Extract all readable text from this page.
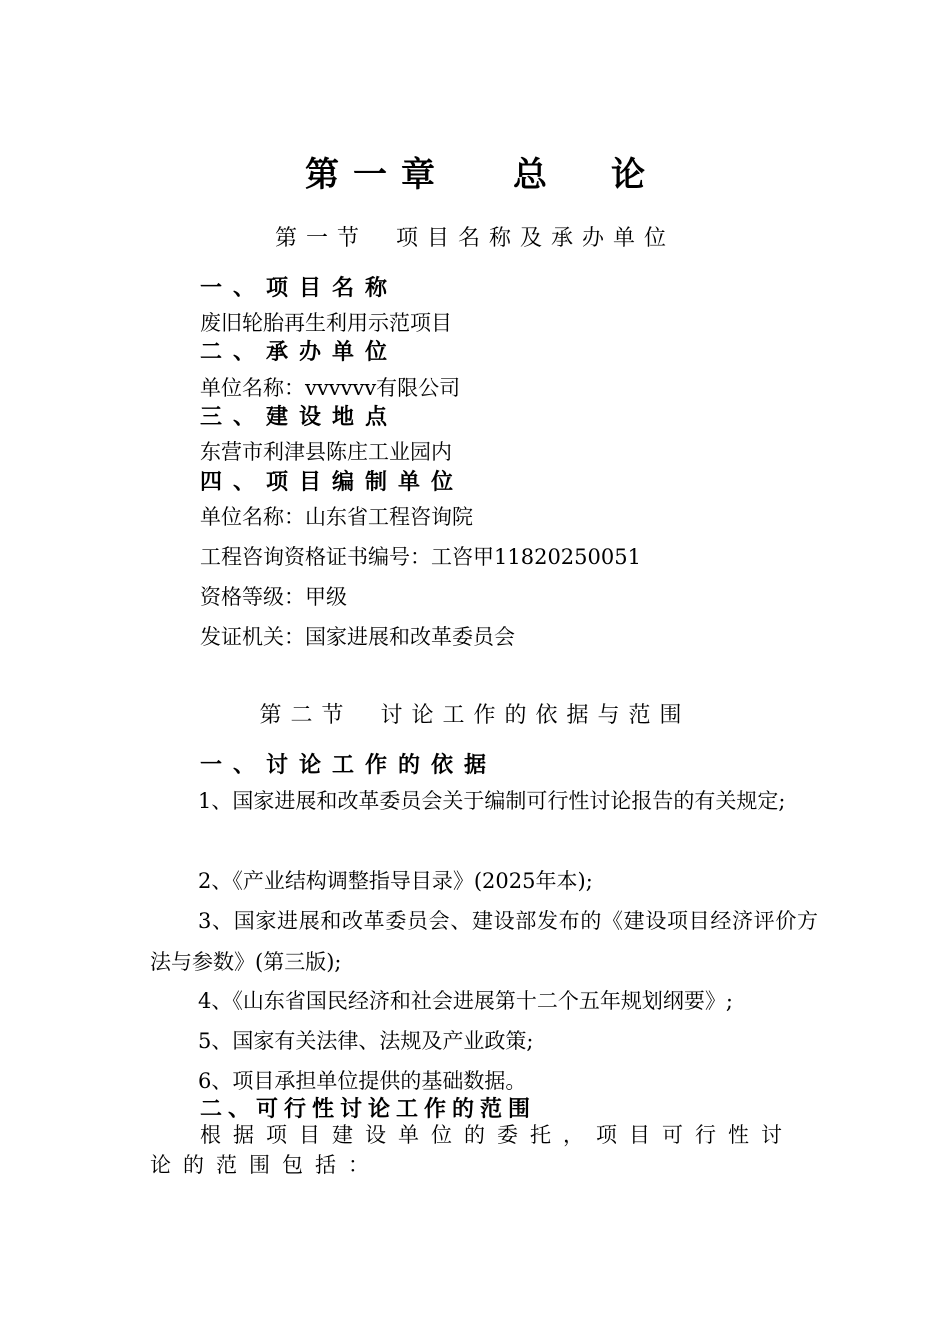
第一章 总 论
第一节 项目名称及承办单位
一、项目名称
废旧轮胎再生利用示范项目
二、承办单位
单位名称：vvvvvv有限公司
三、建设地点
东营市利津县陈庄工业园内
四、项目编制单位
单位名称：山东省工程咨询院
工程咨询资格证书编号：工咨甲11820250051
资格等级：甲级
发证机关：国家进展和改革委员会
第二节 讨论工作的依据与范围
一、讨论工作的依据
1、国家进展和改革委员会关于编制可行性讨论报告的有关规定;
2、《产业结构调整指导目录》(2025年本);
3、国家进展和改革委员会、建设部发布的《建设项目经济评价方法与参数》(第三版);
4、《山东省国民经济和社会进展第十二个五年规划纲要》;
5、国家有关法律、法规及产业政策;
6、项目承担单位提供的基础数据。
二、可行性讨论工作的范围
根据项目建设单位的委托，项目可行性讨论的范围包括：
